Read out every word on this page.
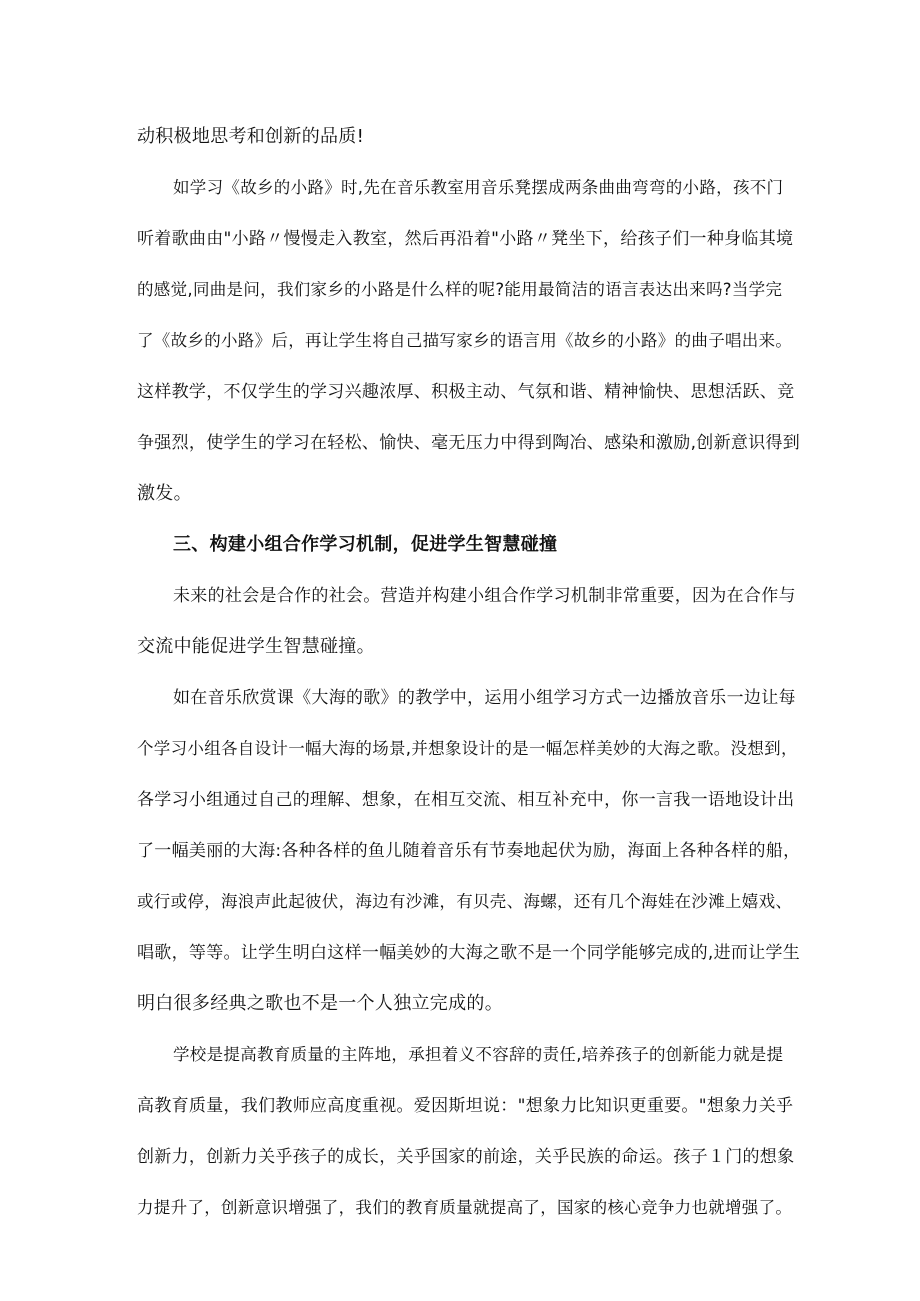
动积极地思考和创新的品质!
如学习《故乡的小路》时,先在音乐教室用音乐凳摆成两条曲曲弯弯的小路，孩不门
听着歌曲由"小路〃慢慢走入教室，然后再沿着"小路〃凳坐下，给孩子们一种身临其境
的感觉,同曲是问，我们家乡的小路是什么样的呢?能用最简洁的语言表达出来吗?当学完
了《故乡的小路》后，再让学生将自己描写家乡的语言用《故乡的小路》的曲子唱出来。
这样教学，不仅学生的学习兴趣浓厚、积极主动、气氛和谐、精神愉快、思想活跃、竞
争强烈，使学生的学习在轻松、愉快、毫无压力中得到陶冶、感染和激励,创新意识得到
激发。
三、构建小组合作学习机制，促进学生智慧碰撞
未来的社会是合作的社会。营造并构建小组合作学习机制非常重要，因为在合作与
交流中能促进学生智慧碰撞。
如在音乐欣赏课《大海的歌》的教学中，运用小组学习方式一边播放音乐一边让每
个学习小组各自设计一幅大海的场景,并想象设计的是一幅怎样美妙的大海之歌。没想到，
各学习小组通过自己的理解、想象，在相互交流、相互补充中，你一言我一语地设计出
了一幅美丽的大海:各种各样的鱼儿随着音乐有节奏地起伏为励，海面上各种各样的船，
或行或停，海浪声此起彼伏，海边有沙滩，有贝壳、海螺，还有几个海娃在沙滩上嬉戏、
唱歌，等等。让学生明白这样一幅美妙的大海之歌不是一个同学能够完成的,进而让学生
明白很多经典之歌也不是一个人独立完成的。
学校是提高教育质量的主阵地，承担着义不容辞的责任,培养孩子的创新能力就是提
高教育质量，我们教师应高度重视。爱因斯坦说："想象力比知识更重要。"想象力关乎
创新力，创新力关乎孩子的成长，关乎国家的前途，关乎民族的命运。孩子１门的想象
力提升了，创新意识增强了，我们的教育质量就提高了，国家的核心竞争力也就增强了。
